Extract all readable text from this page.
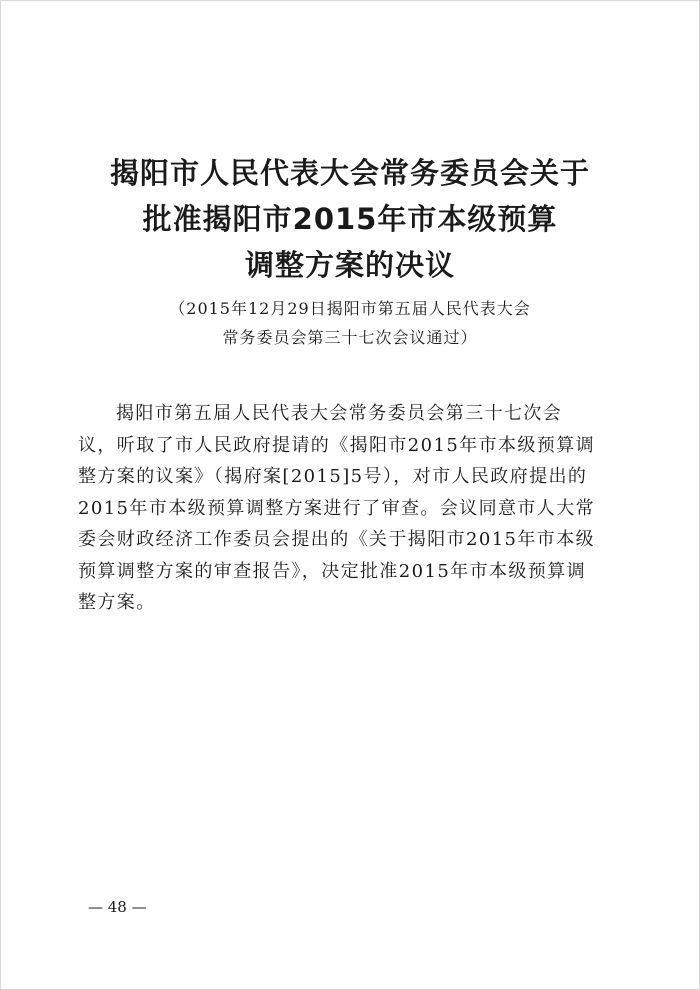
揭阳市人民代表大会常务委员会关于
批准揭阳市2015年市本级预算
调整方案的决议
（2015年12月29日揭阳市第五届人民代表大会
常务委员会第三十七次会议通过）
揭阳市第五届人民代表大会常务委员会第三十七次会
议，听取了市人民政府提请的《揭阳市2015年市本级预算调
整方案的议案》（揭府案[2015]5号），对市人民政府提出的
2015年市本级预算调整方案进行了审查。会议同意市人大常
委会财政经济工作委员会提出的《关于揭阳市2015年市本级
预算调整方案的审查报告》，决定批准2015年市本级预算调
整方案。
— 48 —
